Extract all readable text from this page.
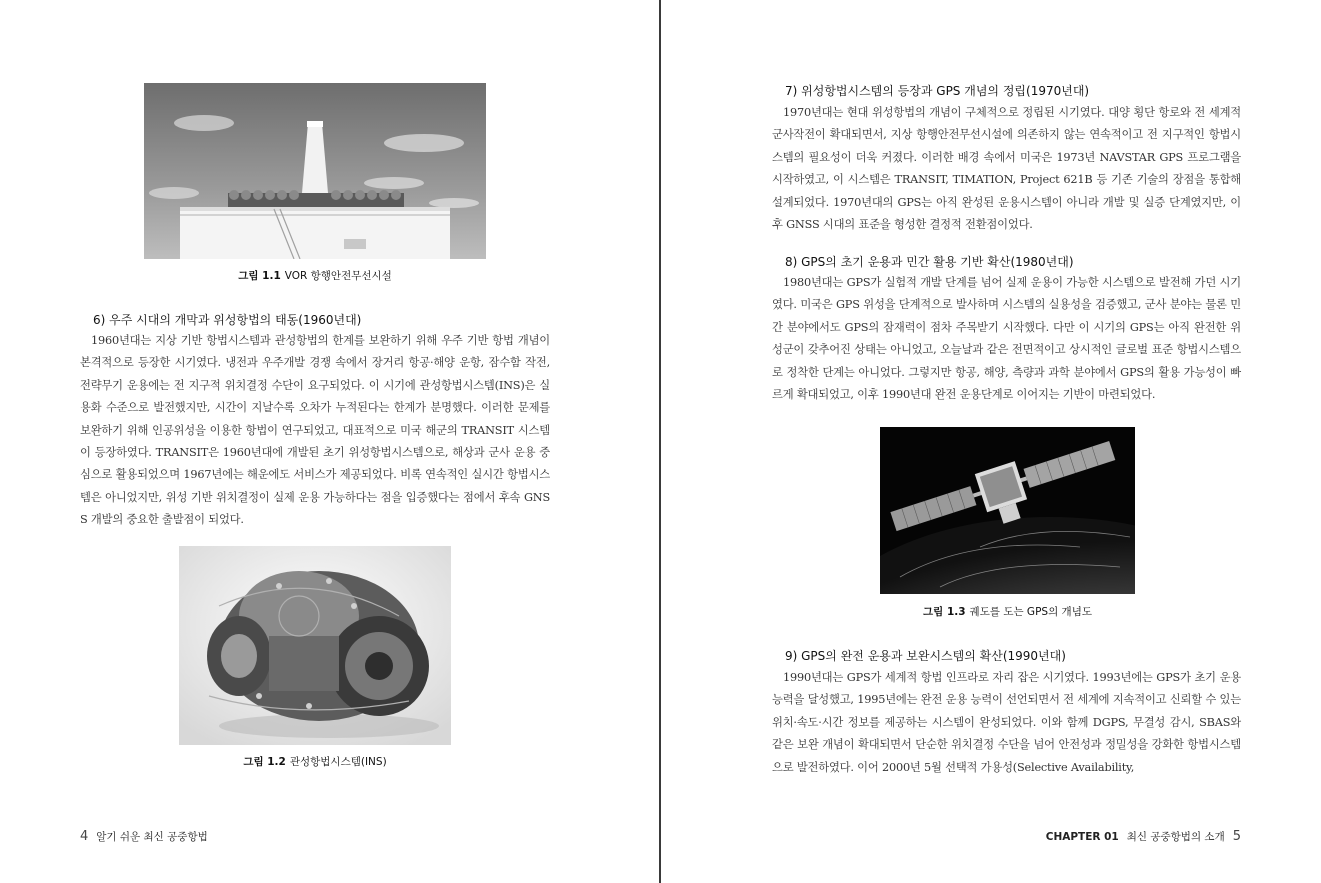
그림 1.1 VOR 항행안전무선시설
6) 우주 시대의 개막과 위성항법의 태동(1960년대)

1960년대는 지상 기반 항법시스템과 관성항법의 한계를 보완하기 위해 우주 기반 항법 개념이 본격적으로 등장한 시기였다. 냉전과 우주개발 경쟁 속에서 장거리 항공·해양 운항, 잠수함 작전, 전략무기 운용에는 전 지구적 위치결정 수단이 요구되었다. 이 시기에 관성항법시스템(INS)은 실용화 수준으로 발전했지만, 시간이 지날수록 오차가 누적된다는 한계가 분명했다. 이러한 문제를 보완하기 위해 인공위성을 이용한 항법이 연구되었고, 대표적으로 미국 해군의 TRANSIT 시스템이 등장하였다. TRANSIT은 1960년대에 개발된 초기 위성항법시스템으로, 해상과 군사 운용 중심으로 활용되었으며 1967년에는 해운에도 서비스가 제공되었다. 비록 연속적인 실시간 항법시스템은 아니었지만, 위성 기반 위치결정이 실제 운용 가능하다는 점을 입증했다는 점에서 후속 GNSS 개발의 중요한 출발점이 되었다.

그림 1.2 관성항법시스템(INS)
4 알기 쉬운 최신 공중항법
7) 위성항법시스템의 등장과 GPS 개념의 정립(1970년대)

1970년대는 현대 위성항법의 개념이 구체적으로 정립된 시기였다. 대양 횡단 항로와 전 세계적 군사작전이 확대되면서, 지상 항행안전무선시설에 의존하지 않는 연속적이고 전 지구적인 항법시스템의 필요성이 더욱 커졌다. 이러한 배경 속에서 미국은 1973년 NAVSTAR GPS 프로그램을 시작하였고, 이 시스템은 TRANSIT, TIMATION, Project 621B 등 기존 기술의 장점을 통합해 설계되었다. 1970년대의 GPS는 아직 완성된 운용시스템이 아니라 개발 및 실증 단계였지만, 이후 GNSS 시대의 표준을 형성한 결정적 전환점이었다.

8) GPS의 초기 운용과 민간 활용 기반 확산(1980년대)

1980년대는 GPS가 실험적 개발 단계를 넘어 실제 운용이 가능한 시스템으로 발전해 가던 시기였다. 미국은 GPS 위성을 단계적으로 발사하며 시스템의 실용성을 검증했고, 군사 분야는 물론 민간 분야에서도 GPS의 잠재력이 점차 주목받기 시작했다. 다만 이 시기의 GPS는 아직 완전한 위성군이 갖추어진 상태는 아니었고, 오늘날과 같은 전면적이고 상시적인 글로벌 표준 항법시스템으로 정착한 단계는 아니었다. 그렇지만 항공, 해양, 측량과 과학 분야에서 GPS의 활용 가능성이 빠르게 확대되었고, 이후 1990년대 완전 운용단계로 이어지는 기반이 마련되었다.

그림 1.3 궤도를 도는 GPS의 개념도
9) GPS의 완전 운용과 보완시스템의 확산(1990년대)

1990년대는 GPS가 세계적 항법 인프라로 자리 잡은 시기였다. 1993년에는 GPS가 초기 운용 능력을 달성했고, 1995년에는 완전 운용 능력이 선언되면서 전 세계에 지속적이고 신뢰할 수 있는 위치·속도·시간 정보를 제공하는 시스템이 완성되었다. 이와 함께 DGPS, 무결성 감시, SBAS와 같은 보완 개념이 확대되면서 단순한 위치결정 수단을 넘어 안전성과 정밀성을 강화한 항법시스템으로 발전하였다. 이어 2000년 5월 선택적 가용성(Selective Availability,

CHAPTER 01 최신 공중항법의 소개 5
